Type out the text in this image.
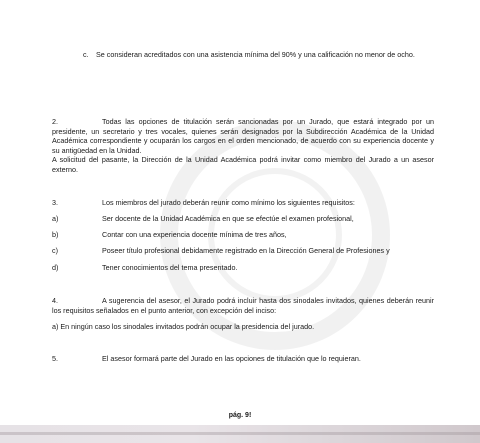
c. Se consideran acreditados con una asistencia mínima del 90% y una calificación no menor de ocho.
2.	Todas las opciones de titulación serán sancionadas por un Jurado, que estará integrado por un presidente, un secretario y tres vocales, quienes serán designados por la Subdirección Académica de la Unidad Académica correspondiente y ocuparán los cargos en el orden mencionado, de acuerdo con su experiencia docente y su antigüedad en la Unidad.
A solicitud del pasante, la Dirección de la Unidad Académica podrá invitar como miembro del Jurado a un asesor externo.
3.	Los miembros del jurado deberán reunir como mínimo los siguientes requisitos:
a)	Ser docente de la Unidad Académica en que se efectúe el examen profesional,
b)	Contar con una experiencia docente mínima de tres años,
c)	Poseer título profesional debidamente registrado en la Dirección General de Profesiones y
d)	Tener conocimientos del tema presentado.
4.	A sugerencia del asesor, el Jurado podrá incluir hasta dos sinodales invitados, quienes deberán reunir los requisitos señalados en el punto anterior, con excepción del inciso:
a) En ningún caso los sinodales invitados podrán ocupar la presidencia del jurado.
5.	El asesor formará parte del Jurado en las opciones de titulación que lo requieran.
pág. 9!
